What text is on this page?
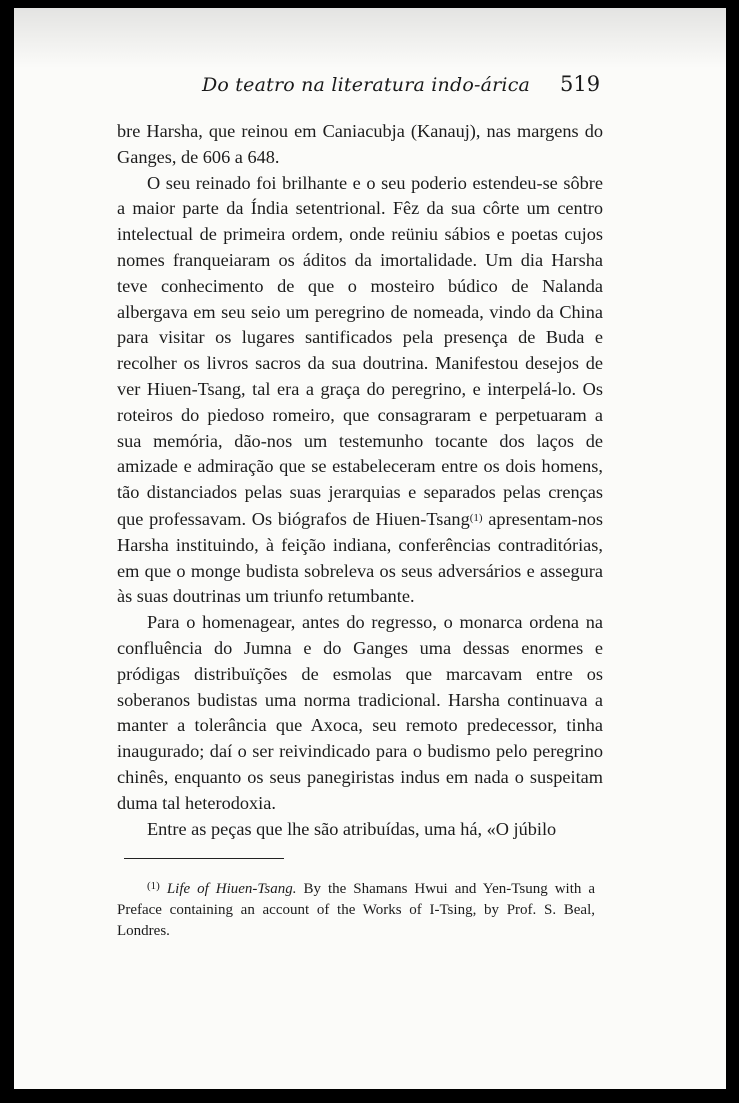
Do teatro na literatura indo-árica 519

bre Harsha, que reinou em Caniacubja (Kanauj), nas margens do Ganges, de 606 a 648.

O seu reinado foi brilhante e o seu poderio estendeu-se sôbre a maior parte da Índia setentrional. Fêz da sua côrte um centro intelectual de primeira ordem, onde reüniu sábios e poetas cujos nomes franqueiaram os áditos da imortalidade. Um dia Harsha teve conhecimento de que o mosteiro búdico de Nalanda albergava em seu seio um peregrino de nomeada, vindo da China para visitar os lugares santificados pela presença de Buda e recolher os livros sacros da sua doutrina. Manifestou desejos de ver Hiuen-Tsang, tal era a graça do peregrino, e interpelá-lo. Os roteiros do piedoso romeiro, que consagraram e perpetuaram a sua memória, dão-nos um testemunho tocante dos laços de amizade e admiração que se estabeleceram entre os dois homens, tão distanciados pelas suas jerarquias e separados pelas crenças que professavam. Os biógrafos de Hiuen-Tsang$^{(1)}$ apresentam-nos Harsha instituindo, à feição indiana, conferências contraditórias, em que o monge budista sobreleva os seus adversários e assegura às suas doutrinas um triunfo retumbante.

Para o homenagear, antes do regresso, o monarca ordena na confluência do Jumna e do Ganges uma dessas enormes e pródigas distribuïções de esmolas que marcavam entre os soberanos budistas uma norma tradicional. Harsha continuava a manter a tolerância que Axoca, seu remoto predecessor, tinha inaugurado; daí o ser reivindicado para o budismo pelo peregrino chinês, enquanto os seus panegiristas indus em nada o suspeitam duma tal heterodoxia.

Entre as peças que lhe são atribuídas, uma há, «O júbilo

$^{(1)}$ Life of Hiuen-Tsang. By the Shamans Hwui and Yen-Tsung with a Preface containing an account of the Works of I-Tsing, by Prof. S. Beal, Londres.
